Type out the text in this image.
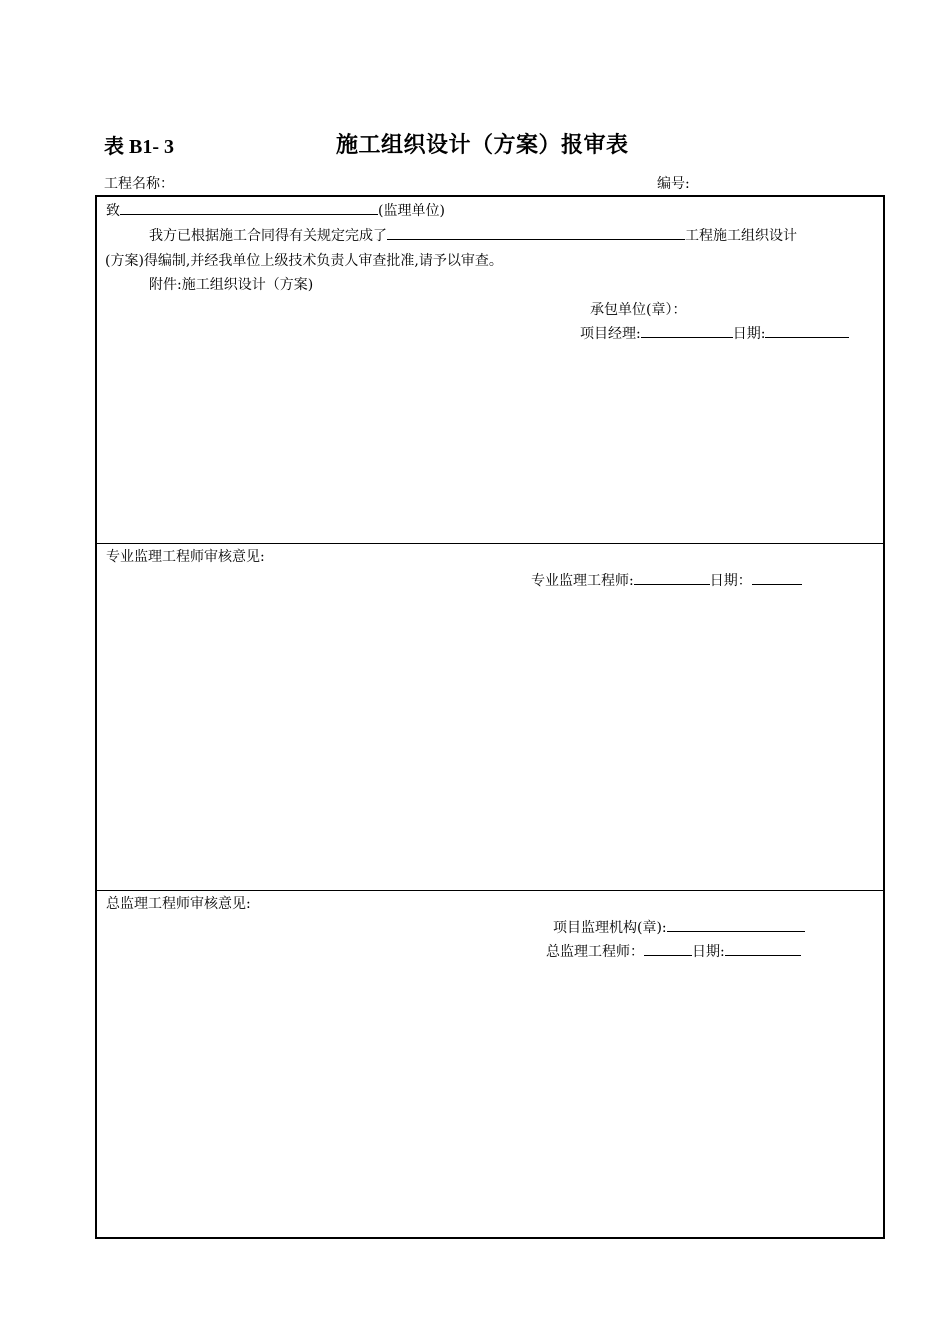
表 B1- 3	施工组织设计（方案）报审表
工程名称：	编号:
致	(监理单位)
我方已根据施工合同得有关规定完成了	工程施工组织设计
(方案)得编制,并经我单位上级技术负责人审查批准,请予以审查。
附件:施工组织设计（方案)
承包单位(章）：
项目经理:	日期:
专业监理工程师审核意见:
专业监理工程师:	日期：
总监理工程师审核意见:
项目监理机构(章):
总监理工程师：	日期:
